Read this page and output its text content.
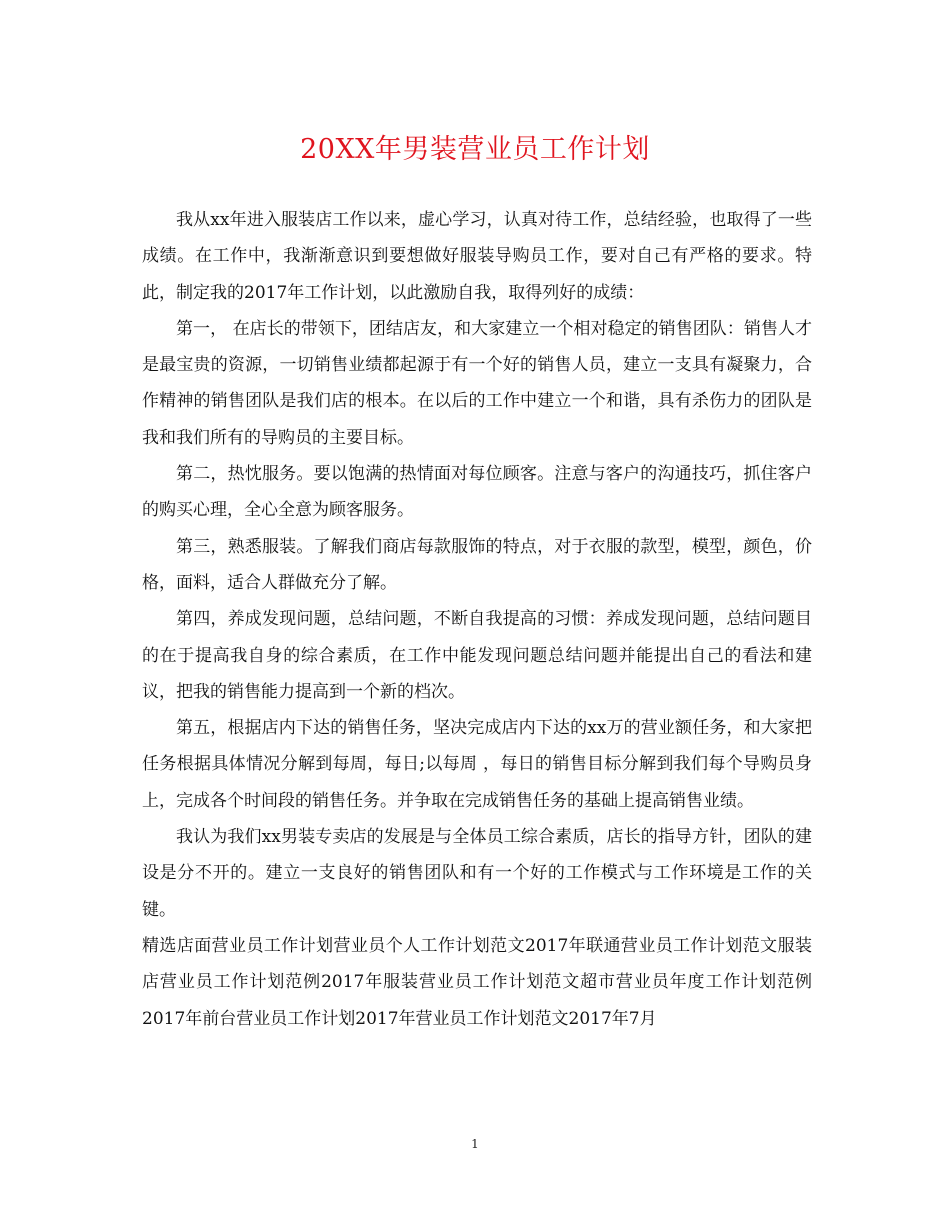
20XX年男装营业员工作计划

我从xx年进入服装店工作以来，虚心学习，认真对待工作，总结经验，也取得了一些成绩。在工作中，我渐渐意识到要想做好服装导购员工作，要对自己有严格的要求。特此，制定我的2017年工作计划，以此激励自我，取得列好的成绩：

第一， 在店长的带领下，团结店友，和大家建立一个相对稳定的销售团队：销售人才是最宝贵的资源，一切销售业绩都起源于有一个好的销售人员，建立一支具有凝聚力，合作精神的销售团队是我们店的根本。在以后的工作中建立一个和谐，具有杀伤力的团队是我和我们所有的导购员的主要目标。

第二，热忱服务。要以饱满的热情面对每位顾客。注意与客户的沟通技巧，抓住客户的购买心理，全心全意为顾客服务。

第三，熟悉服装。了解我们商店每款服饰的特点，对于衣服的款型，模型，颜色，价格，面料，适合人群做充分了解。

第四，养成发现问题，总结问题，不断自我提高的习惯：养成发现问题，总结问题目的在于提高我自身的综合素质，在工作中能发现问题总结问题并能提出自己的看法和建议，把我的销售能力提高到一个新的档次。

第五，根据店内下达的销售任务，坚决完成店内下达的xx万的营业额任务，和大家把任务根据具体情况分解到每周，每日;以每周 ，每日的销售目标分解到我们每个导购员身上，完成各个时间段的销售任务。并争取在完成销售任务的基础上提高销售业绩。

我认为我们xx男装专卖店的发展是与全体员工综合素质，店长的指导方针，团队的建设是分不开的。建立一支良好的销售团队和有一个好的工作模式与工作环境是工作的关键。

精选店面营业员工作计划营业员个人工作计划范文2017年联通营业员工作计划范文服装店营业员工作计划范例2017年服装营业员工作计划范文超市营业员年度工作计划范例2017年前台营业员工作计划2017年营业员工作计划范文2017年7月

1
